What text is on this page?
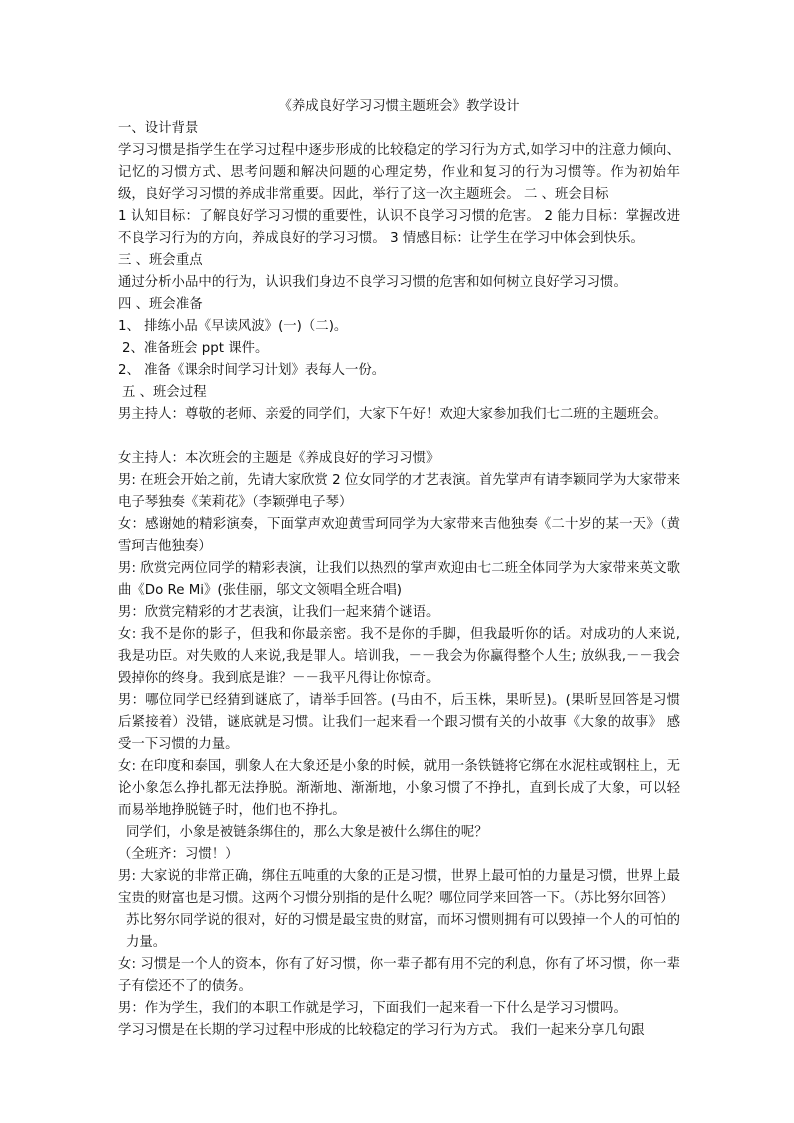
《养成良好学习习惯主题班会》教学设计

一、设计背景

学习习惯是指学生在学习过程中逐步形成的比较稳定的学习行为方式,如学习中的注意力倾向、记忆的习惯方式、思考问题和解决问题的心理定势，作业和复习的行为习惯等。作为初始年级，良好学习习惯的养成非常重要。因此，举行了这一次主题班会。 二 、班会目标

1 认知目标：了解良好学习习惯的重要性，认识不良学习习惯的危害。 2 能力目标：掌握改进不良学习行为的方向，养成良好的学习习惯。 3 情感目标：让学生在学习中体会到快乐。

三 、班会重点

通过分析小品中的行为，认识我们身边不良学习习惯的危害和如何树立良好学习习惯。

四 、班会准备

1、 排练小品《早读风波》(一)（二)。

2、准备班会 ppt 课件。

2、 准备《课余时间学习计划》表每人一份。

五 、班会过程

男主持人：尊敬的老师、亲爱的同学们，大家下午好！欢迎大家参加我们七二班的主题班会。

女主持人：本次班会的主题是《养成良好的学习习惯》

男: 在班会开始之前，先请大家欣赏 2 位女同学的才艺表演。首先掌声有请李颖同学为大家带来电子琴独奏《茉莉花》（李颖弹电子琴）

女：感谢她的精彩演奏，下面掌声欢迎黄雪珂同学为大家带来吉他独奏《二十岁的某一天》（黄雪珂吉他独奏）

男: 欣赏完两位同学的精彩表演，让我们以热烈的掌声欢迎由七二班全体同学为大家带来英文歌曲《Do Re Mi》(张佳丽，邬文文领唱全班合唱)

男：欣赏完精彩的才艺表演，让我们一起来猜个谜语。

女: 我不是你的影子，但我和你最亲密。我不是你的手脚，但我最听你的话。对成功的人来说,我是功臣。对失败的人来说,我是罪人。培训我，－－我会为你赢得整个人生; 放纵我,－－我会毁掉你的终身。我到底是谁？－－我平凡得让你惊奇。

男：哪位同学已经猜到谜底了，请举手回答。(马由不，后玉株，果昕昱)。(果昕昱回答是习惯后紧接着）没错，谜底就是习惯。让我们一起来看一个跟习惯有关的小故事《大象的故事》 感受一下习惯的力量。

女: 在印度和泰国，驯象人在大象还是小象的时候，就用一条铁链将它绑在水泥柱或钢柱上，无论小象怎么挣扎都无法挣脱。渐渐地、渐渐地，小象习惯了不挣扎，直到长成了大象，可以轻而易举地挣脱链子时，他们也不挣扎。

同学们，小象是被链条绑住的，那么大象是被什么绑住的呢？

（全班齐：习惯！）

男: 大家说的非常正确，绑住五吨重的大象的正是习惯，世界上最可怕的力量是习惯，世界上最宝贵的财富也是习惯。这两个习惯分别指的是什么呢？哪位同学来回答一下。（苏比努尔回答）

苏比努尔同学说的很对，好的习惯是最宝贵的财富，而坏习惯则拥有可以毁掉一个人的可怕的力量。

女: 习惯是一个人的资本，你有了好习惯，你一辈子都有用不完的利息，你有了坏习惯，你一辈子有偿还不了的债务。

男：作为学生，我们的本职工作就是学习，下面我们一起来看一下什么是学习习惯吗。

学习习惯是在长期的学习过程中形成的比较稳定的学习行为方式。 我们一起来分享几句跟
